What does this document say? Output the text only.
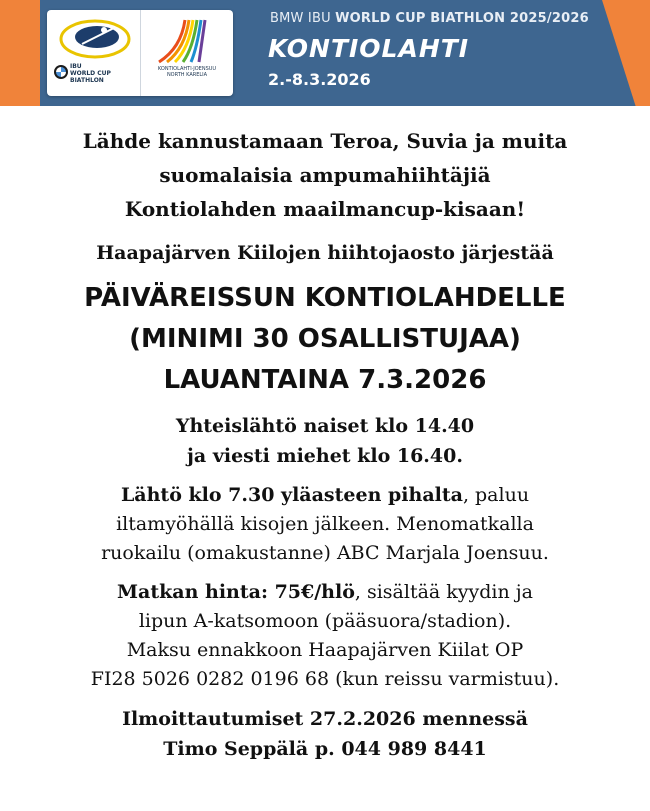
IBU
WORLD CUP
BIATHLON
KONTIOLAHTI·JOENSUU
NORTH KARELIA
BMW IBU WORLD CUP BIATHLON 2025/2026
KONTIOLAHTI
2.-8.3.2026

Lähde kannustamaan Teroa, Suvia ja muita
suomalaisia ampumahiihtäjiä
Kontiolahden maailmancup-kisaan!

Haapajärven Kiilojen hiihtojaosto järjestää

PÄIVÄREISSUN KONTIOLAHDELLE
(MINIMI 30 OSALLISTUJAA)
LAUANTAINA 7.3.2026

Yhteislähtö naiset klo 14.40
ja viesti miehet klo 16.40.

Lähtö klo 7.30 yläasteen pihalta, paluu
iltamyöhällä kisojen jälkeen. Menomatkalla
ruokailu (omakustanne) ABC Marjala Joensuu.

Matkan hinta: 75€/hlö, sisältää kyydin ja
lipun A-katsomoon (pääsuora/stadion).
Maksu ennakkoon Haapajärven Kiilat OP
FI28 5026 0282 0196 68 (kun reissu varmistuu).

Ilmoittautumiset 27.2.2026 mennessä
Timo Seppälä p. 044 989 8441
